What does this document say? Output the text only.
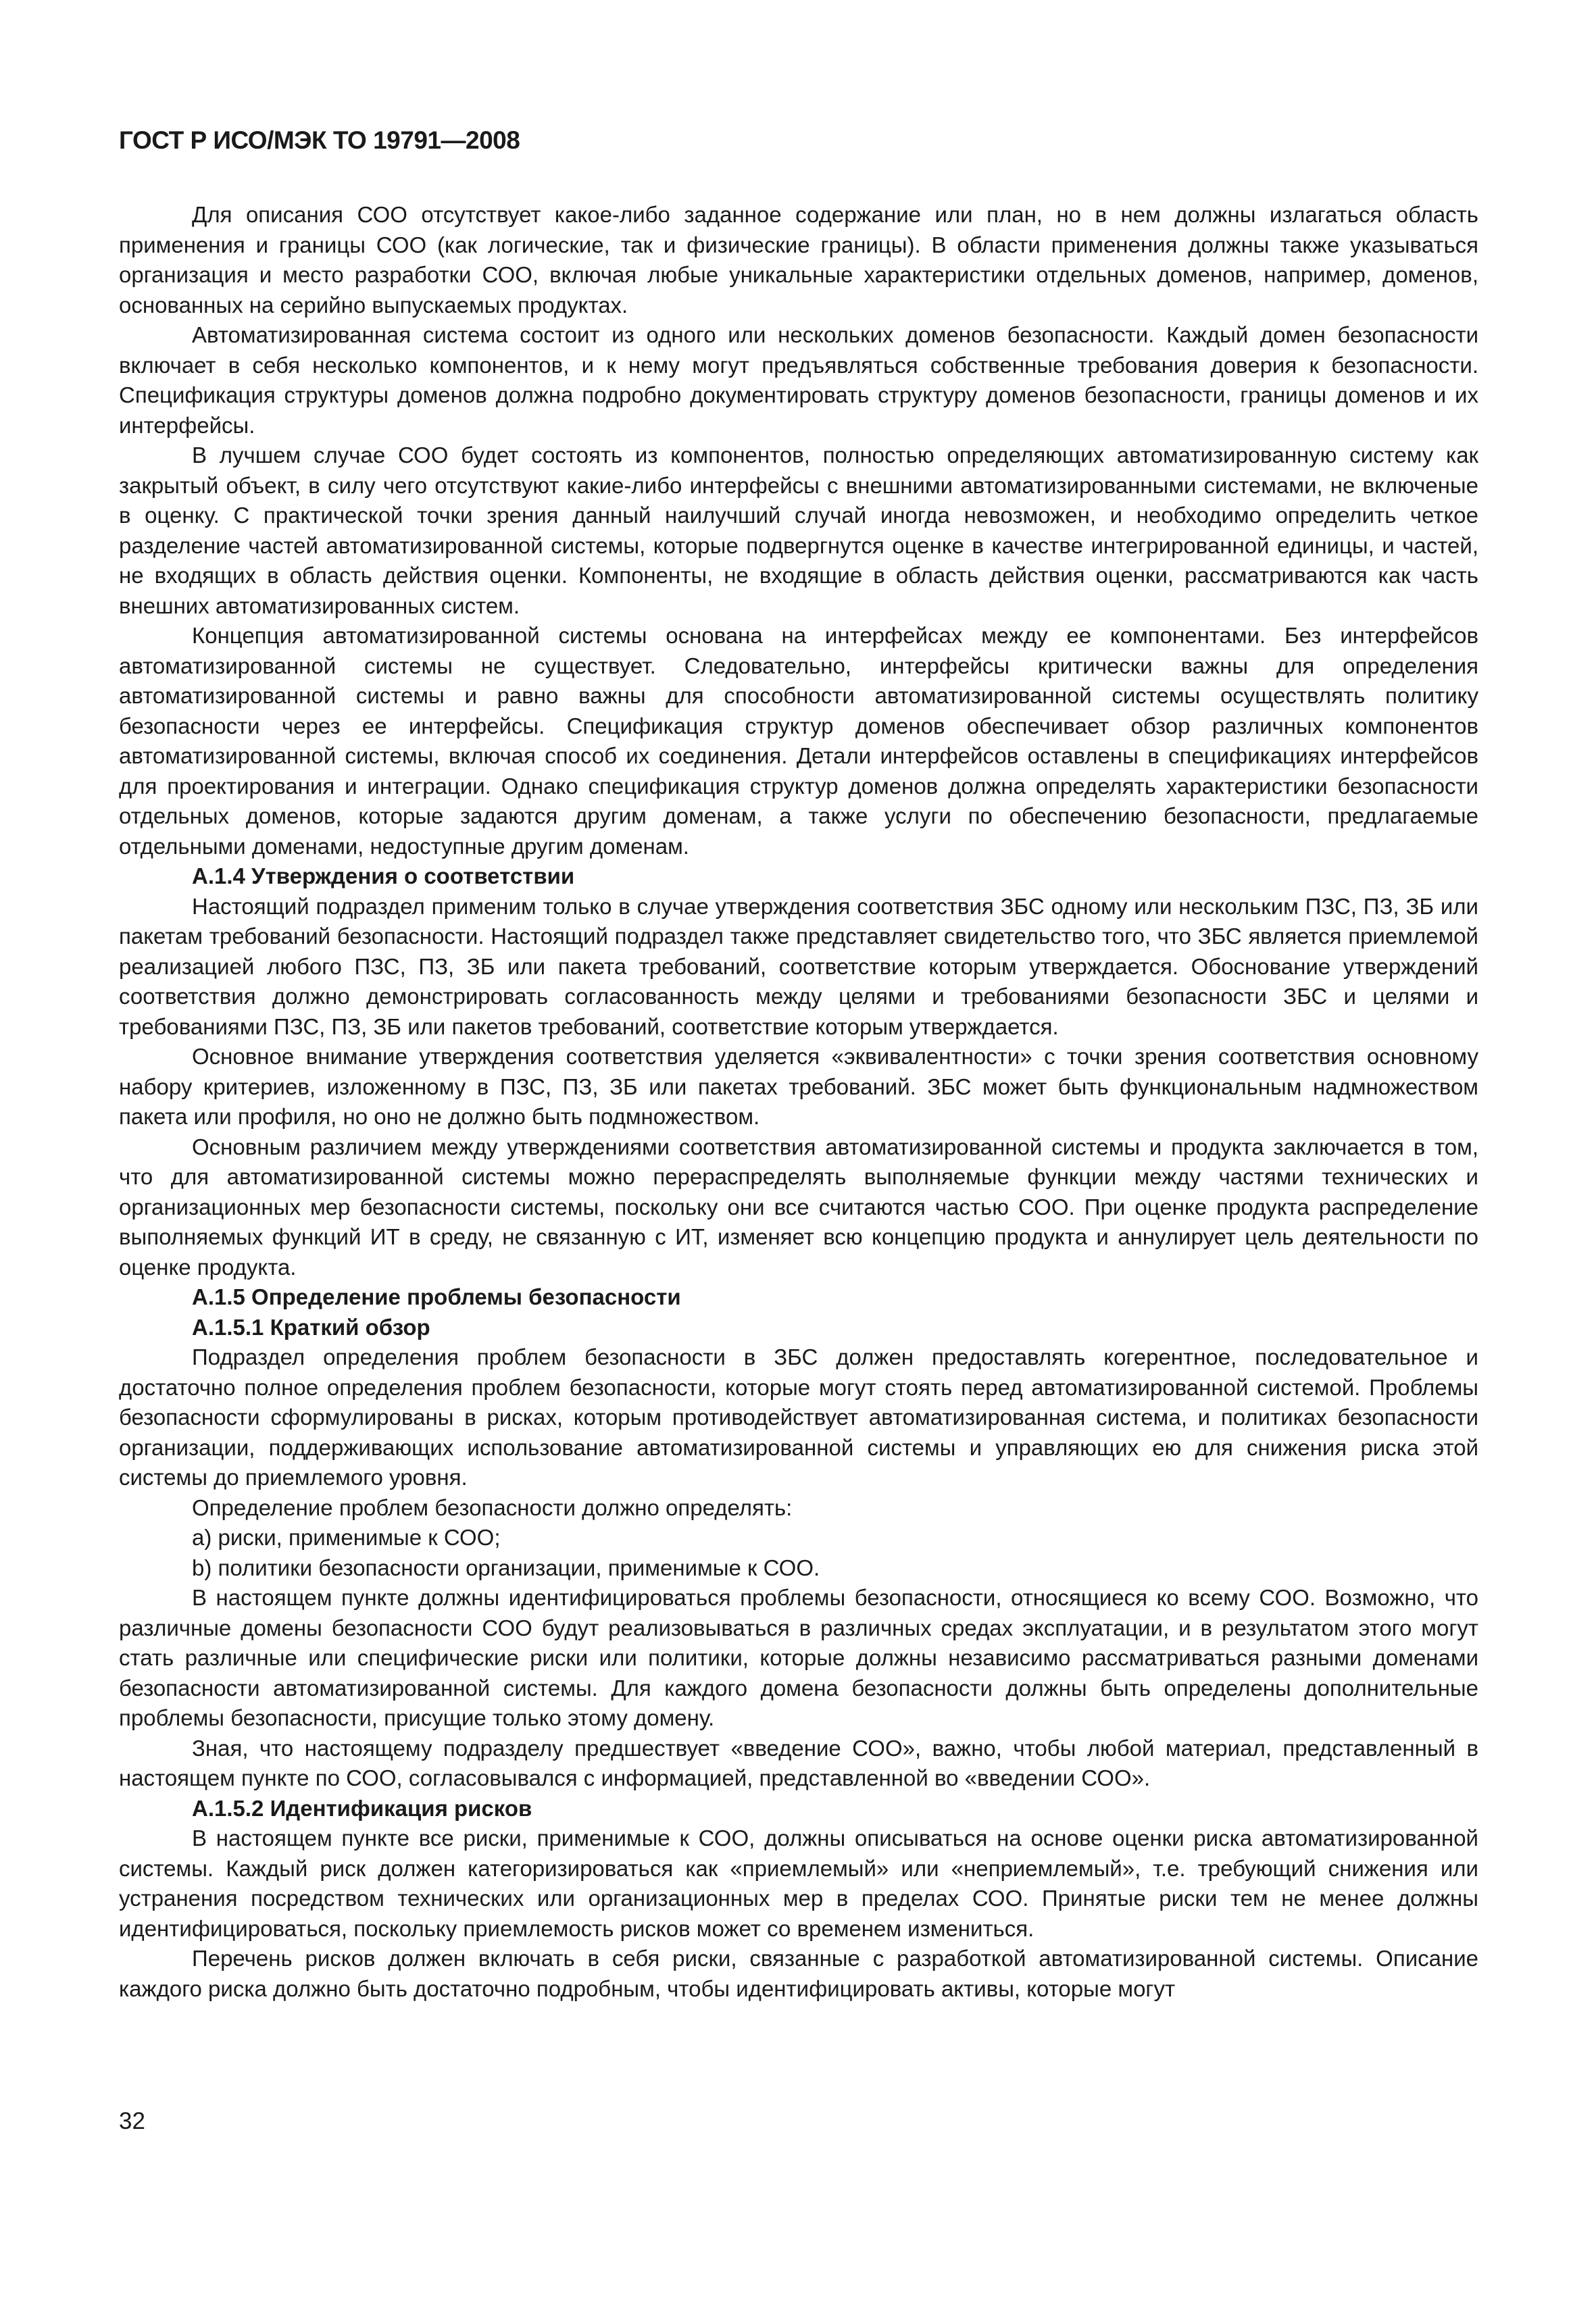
ГОСТ Р ИСО/МЭК ТО 19791—2008

Для описания СОО отсутствует какое-либо заданное содержание или план, но в нем должны излагаться область применения и границы СОО (как логические, так и физические границы). В области применения должны также указываться организация и место разработки СОО, включая любые уникальные характеристики отдельных доменов, например, доменов, основанных на серийно выпускаемых продуктах.

Автоматизированная система состоит из одного или нескольких доменов безопасности. Каждый домен безопасности включает в себя несколько компонентов, и к нему могут предъявляться собственные требования доверия к безопасности. Спецификация структуры доменов должна подробно документировать структуру доменов безопасности, границы доменов и их интерфейсы.

В лучшем случае СОО будет состоять из компонентов, полностью определяющих автоматизированную систему как закрытый объект, в силу чего отсутствуют какие-либо интерфейсы с внешними автоматизированными системами, не включеные в оценку. С практической точки зрения данный наилучший случай иногда невозможен, и необходимо определить четкое разделение частей автоматизированной системы, которые подвергнутся оценке в качестве интегрированной единицы, и частей, не входящих в область действия оценки. Компоненты, не входящие в область действия оценки, рассматриваются как часть внешних автоматизированных систем.

Концепция автоматизированной системы основана на интерфейсах между ее компонентами. Без интерфейсов автоматизированной системы не существует. Следовательно, интерфейсы критически важны для определения автоматизированной системы и равно важны для способности автоматизированной системы осуществлять политику безопасности через ее интерфейсы. Спецификация структур доменов обеспечивает обзор различных компонентов автоматизированной системы, включая способ их соединения. Детали интерфейсов оставлены в спецификациях интерфейсов для проектирования и интеграции. Однако спецификация структур доменов должна определять характеристики безопасности отдельных доменов, которые задаются другим доменам, а также услуги по обеспечению безопасности, предлагаемые отдельными доменами, недоступные другим доменам.

А.1.4 Утверждения о соответствии

Настоящий подраздел применим только в случае утверждения соответствия ЗБС одному или нескольким ПЗС, ПЗ, ЗБ или пакетам требований безопасности. Настоящий подраздел также представляет свидетельство того, что ЗБС является приемлемой реализацией любого ПЗС, ПЗ, ЗБ или пакета требований, соответствие которым утверждается. Обоснование утверждений соответствия должно демонстрировать согласованность между целями и требованиями безопасности ЗБС и целями и требованиями ПЗС, ПЗ, ЗБ или пакетов требований, соответствие которым утверждается.

Основное внимание утверждения соответствия уделяется «эквивалентности» с точки зрения соответствия основному набору критериев, изложенному в ПЗС, ПЗ, ЗБ или пакетах требований. ЗБС может быть функциональным надмножеством пакета или профиля, но оно не должно быть подмножеством.

Основным различием между утверждениями соответствия автоматизированной системы и продукта заключается в том, что для автоматизированной системы можно перераспределять выполняемые функции между частями технических и организационных мер безопасности системы, поскольку они все считаются частью СОО. При оценке продукта распределение выполняемых функций ИТ в среду, не связанную с ИТ, изменяет всю концепцию продукта и аннулирует цель деятельности по оценке продукта.

А.1.5 Определение проблемы безопасности

А.1.5.1 Краткий обзор

Подраздел определения проблем безопасности в ЗБС должен предоставлять когерентное, последовательное и достаточно полное определения проблем безопасности, которые могут стоять перед автоматизированной системой. Проблемы безопасности сформулированы в рисках, которым противодействует автоматизированная система, и политиках безопасности организации, поддерживающих использование автоматизированной системы и управляющих ею для снижения риска этой системы до приемлемого уровня.

Определение проблем безопасности должно определять:

а) риски, применимые к СОО;

b) политики безопасности организации, применимые к СОО.

В настоящем пункте должны идентифицироваться проблемы безопасности, относящиеся ко всему СОО. Возможно, что различные домены безопасности СОО будут реализовываться в различных средах эксплуатации, и в результатом этого могут стать различные или специфические риски или политики, которые должны независимо рассматриваться разными доменами безопасности автоматизированной системы. Для каждого домена безопасности должны быть определены дополнительные проблемы безопасности, присущие только этому домену.

Зная, что настоящему подразделу предшествует «введение СОО», важно, чтобы любой материал, представленный в настоящем пункте по СОО, согласовывался с информацией, представленной во «введении СОО».

А.1.5.2 Идентификация рисков

В настоящем пункте все риски, применимые к СОО, должны описываться на основе оценки риска автоматизированной системы. Каждый риск должен категоризироваться как «приемлемый» или «неприемлемый», т.е. требующий снижения или устранения посредством технических или организационных мер в пределах СОО. Принятые риски тем не менее должны идентифицироваться, поскольку приемлемость рисков может со временем измениться.

Перечень рисков должен включать в себя риски, связанные с разработкой автоматизированной системы. Описание каждого риска должно быть достаточно подробным, чтобы идентифицировать активы, которые могут

32
